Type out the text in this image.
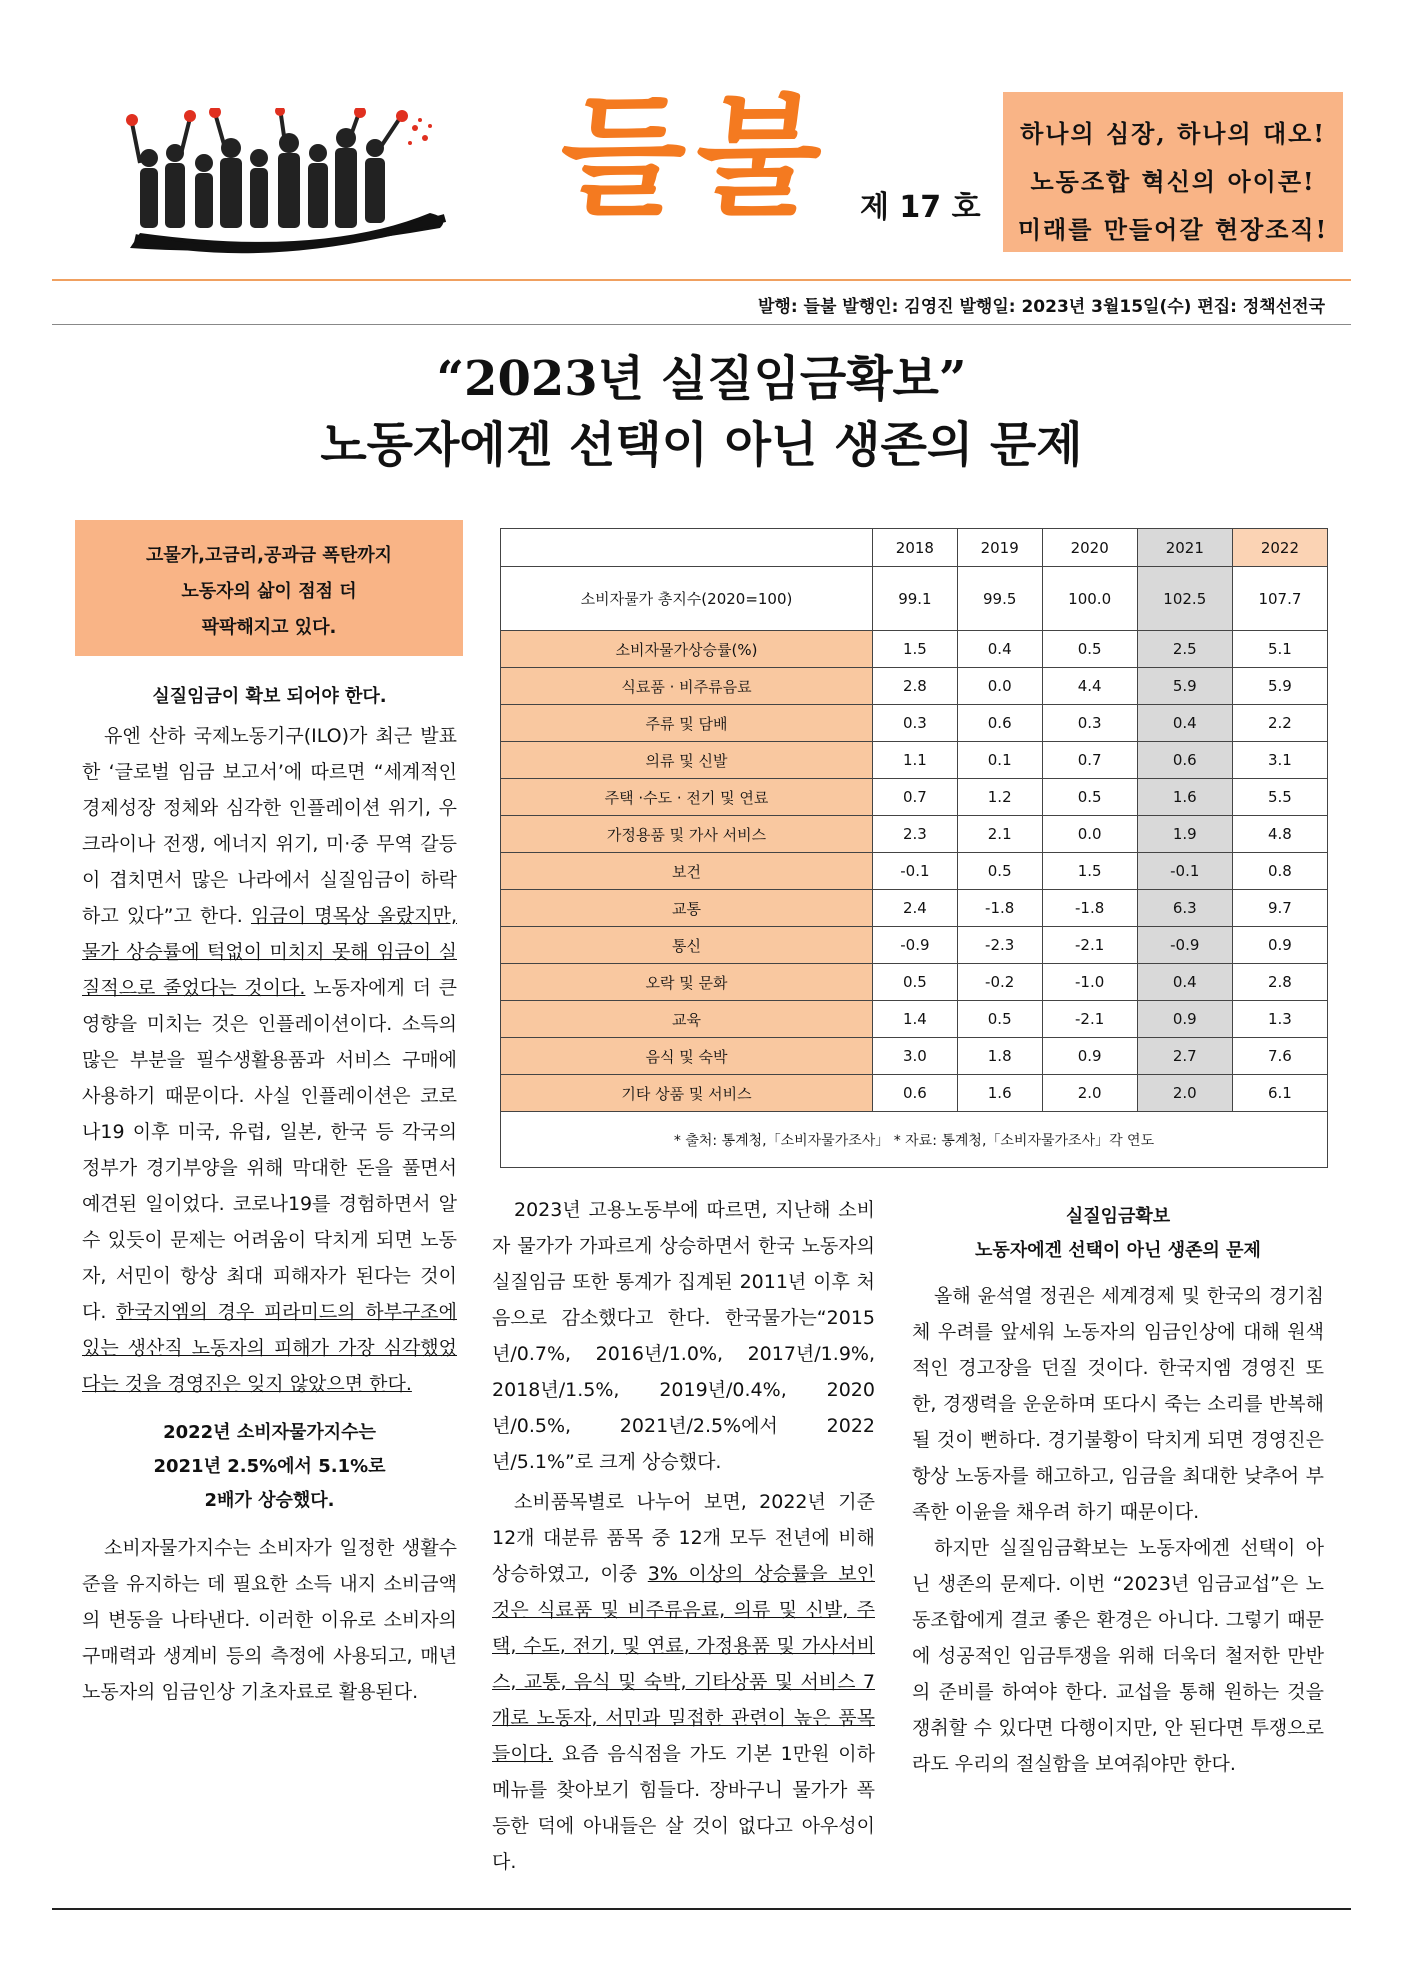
들불 제 17 호
하나의 심장, 하나의 대오!
노동조합 혁신의 아이콘!
미래를 만들어갈 현장조직!
발행: 들불 발행인: 김영진 발행일: 2023년 3월15일(수) 편집: 정책선전국
“2023년 실질임금확보”
노동자에겐 선택이 아닌 생존의 문제
고물가,고금리,공과금 폭탄까지
노동자의 삶이 점점 더
팍팍해지고 있다.
실질임금이 확보 되어야 한다.

유엔 산하 국제노동기구(ILO)가 최근 발표한 ‘글로벌 임금 보고서’에 따르면 “세계적인 경제성장 정체와 심각한 인플레이션 위기, 우크라이나 전쟁, 에너지 위기, 미·중 무역 갈등이 겹치면서 많은 나라에서 실질임금이 하락하고 있다”고 한다. 임금이 명목상 올랐지만, 물가 상승률에 턱없이 미치지 못해 임금이 실질적으로 줄었다는 것이다. 노동자에게 더 큰 영향을 미치는 것은 인플레이션이다. 소득의 많은 부분을 필수생활용품과 서비스 구매에 사용하기 때문이다. 사실 인플레이션은 코로나19 이후 미국, 유럽, 일본, 한국 등 각국의 정부가 경기부양을 위해 막대한 돈을 풀면서 예견된 일이었다. 코로나19를 경험하면서 알 수 있듯이 문제는 어려움이 닥치게 되면 노동자, 서민이 항상 최대 피해자가 된다는 것이다. 한국지엠의 경우 피라미드의 하부구조에 있는 생산직 노동자의 피해가 가장 심각했었다는 것을 경영진은 잊지 않았으면 한다.

2022년 소비자물가지수는
2021년 2.5%에서 5.1%로
2배가 상승했다.

소비자물가지수는 소비자가 일정한 생활수준을 유지하는 데 필요한 소득 내지 소비금액의 변동을 나타낸다. 이러한 이유로 소비자의 구매력과 생계비 등의 측정에 사용되고, 매년 노동자의 임금인상 기초자료로 활용된다.

	2018	2019	2020	2021	2022
소비자물가 총지수(2020=100)	99.1	99.5	100.0	102.5	107.7
소비자물가상승률(%)	1.5	0.4	0.5	2.5	5.1
식료품 · 비주류음료	2.8	0.0	4.4	5.9	5.9
주류 및 담배	0.3	0.6	0.3	0.4	2.2
의류 및 신발	1.1	0.1	0.7	0.6	3.1
주택 ·수도 · 전기 및 연료	0.7	1.2	0.5	1.6	5.5
가정용품 및 가사 서비스	2.3	2.1	0.0	1.9	4.8
보건	-0.1	0.5	1.5	-0.1	0.8
교통	2.4	-1.8	-1.8	6.3	9.7
통신	-0.9	-2.3	-2.1	-0.9	0.9
오락 및 문화	0.5	-0.2	-1.0	0.4	2.8
교육	1.4	0.5	-2.1	0.9	1.3
음식 및 숙박	3.0	1.8	0.9	2.7	7.6
기타 상품 및 서비스	0.6	1.6	2.0	2.0	6.1
* 출처: 통계청,「소비자물가조사」 * 자료: 통계청,「소비자물가조사」각 연도					

2023년 고용노동부에 따르면, 지난해 소비자 물가가 가파르게 상승하면서 한국 노동자의 실질임금 또한 통계가 집계된 2011년 이후 처음으로 감소했다고 한다. 한국물가는“2015년/0.7%, 2016년/1.0%, 2017년/1.9%, 2018년/1.5%, 2019년/0.4%, 2020년/0.5%, 2021년/2.5%에서 2022년/5.1%”로 크게 상승했다.

소비품목별로 나누어 보면, 2022년 기준 12개 대분류 품목 중 12개 모두 전년에 비해 상승하였고, 이중 3% 이상의 상승률을 보인 것은 식료품 및 비주류음료, 의류 및 신발, 주택, 수도, 전기, 및 연료, 가정용품 및 가사서비스, 교통, 음식 및 숙박, 기타상품 및 서비스 7개로 노동자, 서민과 밀접한 관련이 높은 품목들이다. 요즘 음식점을 가도 기본 1만원 이하 메뉴를 찾아보기 힘들다. 장바구니 물가가 폭등한 덕에 아내들은 살 것이 없다고 아우성이다.

실질임금확보
노동자에겐 선택이 아닌 생존의 문제

올해 윤석열 정권은 세계경제 및 한국의 경기침체 우려를 앞세워 노동자의 임금인상에 대해 원색적인 경고장을 던질 것이다. 한국지엠 경영진 또한, 경쟁력을 운운하며 또다시 죽는 소리를 반복해 될 것이 뻔하다. 경기불황이 닥치게 되면 경영진은 항상 노동자를 해고하고, 임금을 최대한 낮추어 부족한 이윤을 채우려 하기 때문이다.

하지만 실질임금확보는 노동자에겐 선택이 아닌 생존의 문제다. 이번 “2023년 임금교섭”은 노동조합에게 결코 좋은 환경은 아니다. 그렇기 때문에 성공적인 임금투쟁을 위해 더욱더 철저한 만반의 준비를 하여야 한다. 교섭을 통해 원하는 것을 쟁취할 수 있다면 다행이지만, 안 된다면 투쟁으로 라도 우리의 절실함을 보여줘야만 한다.
